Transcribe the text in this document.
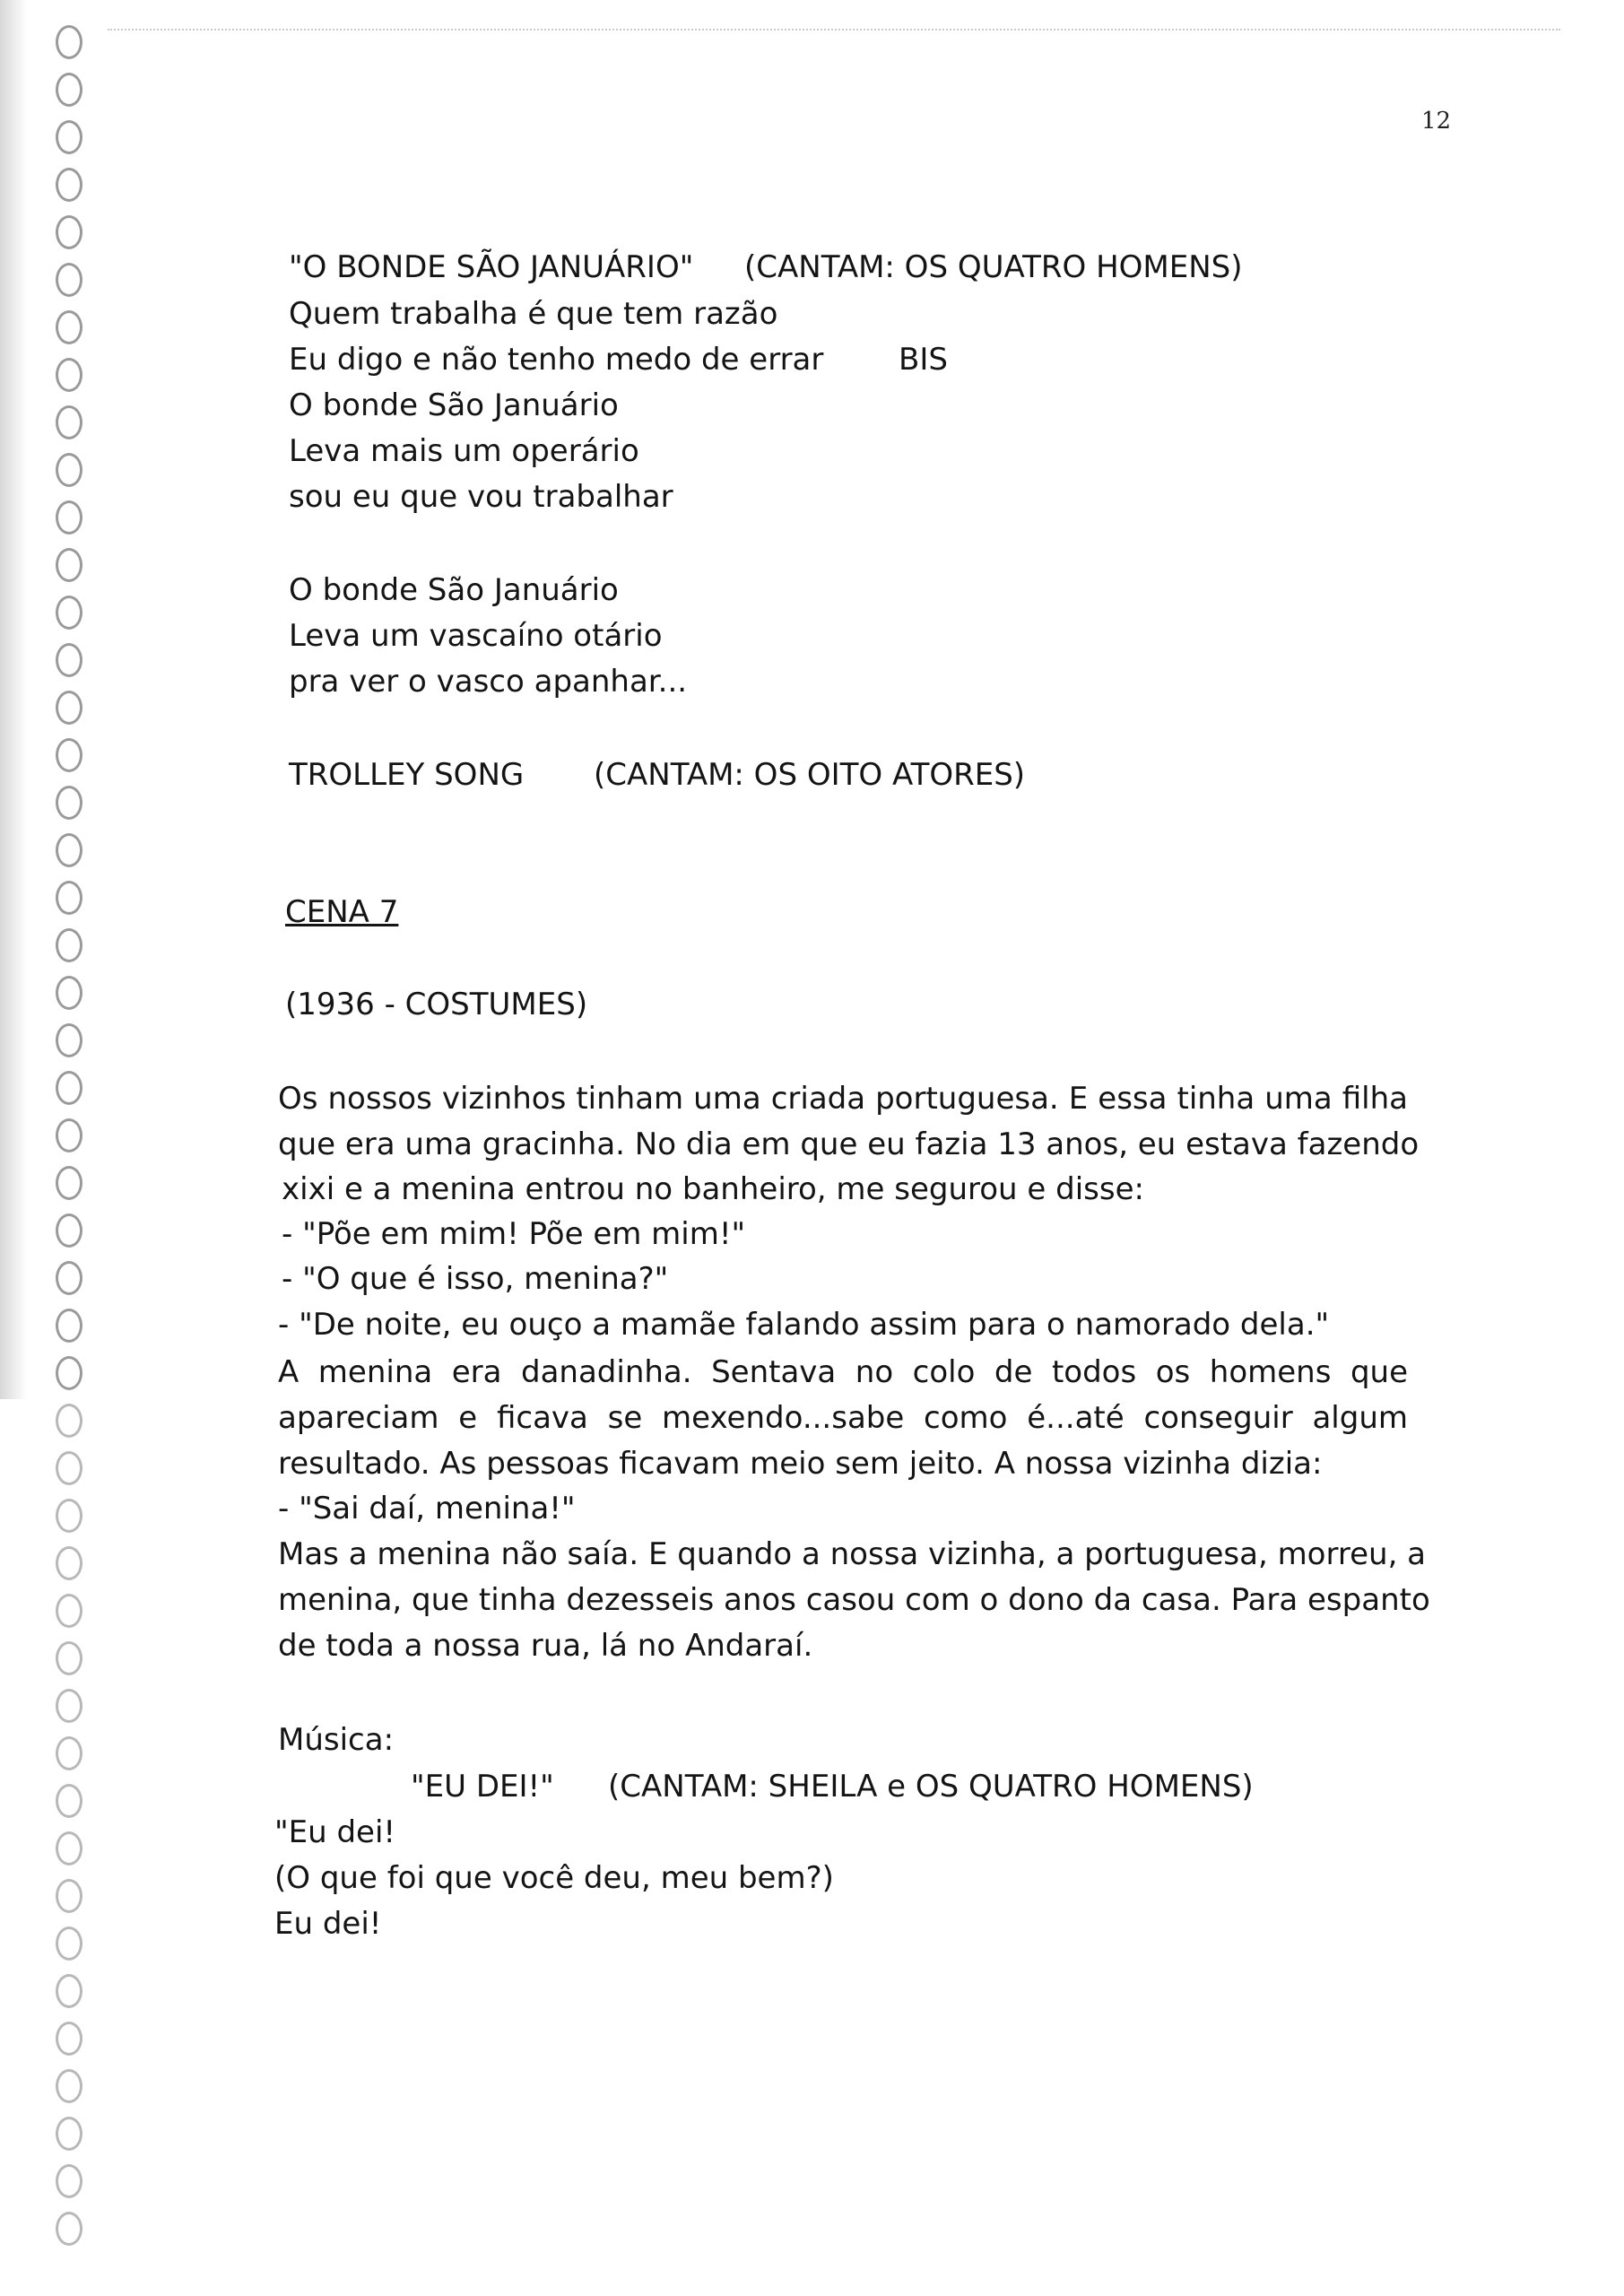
12
"O BONDE SÃO JANUÁRIO" (CANTAM: OS QUATRO HOMENS)
Quem trabalha é que tem razão
Eu digo e não tenho medo de errar BIS
O bonde São Januário
Leva mais um operário
sou eu que vou trabalhar
O bonde São Januário
Leva um vascaíno otário
pra ver o vasco apanhar...
TROLLEY SONG (CANTAM: OS OITO ATORES)
CENA 7
(1936 - COSTUMES)
Os nossos vizinhos tinham uma criada portuguesa. E essa tinha uma filha
que era uma gracinha. No dia em que eu fazia 13 anos, eu estava fazendo
xixi e a menina entrou no banheiro, me segurou e disse:
- "Põe em mim! Põe em mim!"
- "O que é isso, menina?"
- "De noite, eu ouço a mamãe falando assim para o namorado dela."
A menina era danadinha. Sentava no colo de todos os homens que
apareciam e ficava se mexendo...sabe como é...até conseguir algum
resultado. As pessoas ficavam meio sem jeito. A nossa vizinha dizia:
- "Sai daí, menina!"
Mas a menina não saía. E quando a nossa vizinha, a portuguesa, morreu, a
menina, que tinha dezesseis anos casou com o dono da casa. Para espanto
de toda a nossa rua, lá no Andaraí.
Música:
"EU DEI!" (CANTAM: SHEILA e OS QUATRO HOMENS)
"Eu dei!
(O que foi que você deu, meu bem?)
Eu dei!
